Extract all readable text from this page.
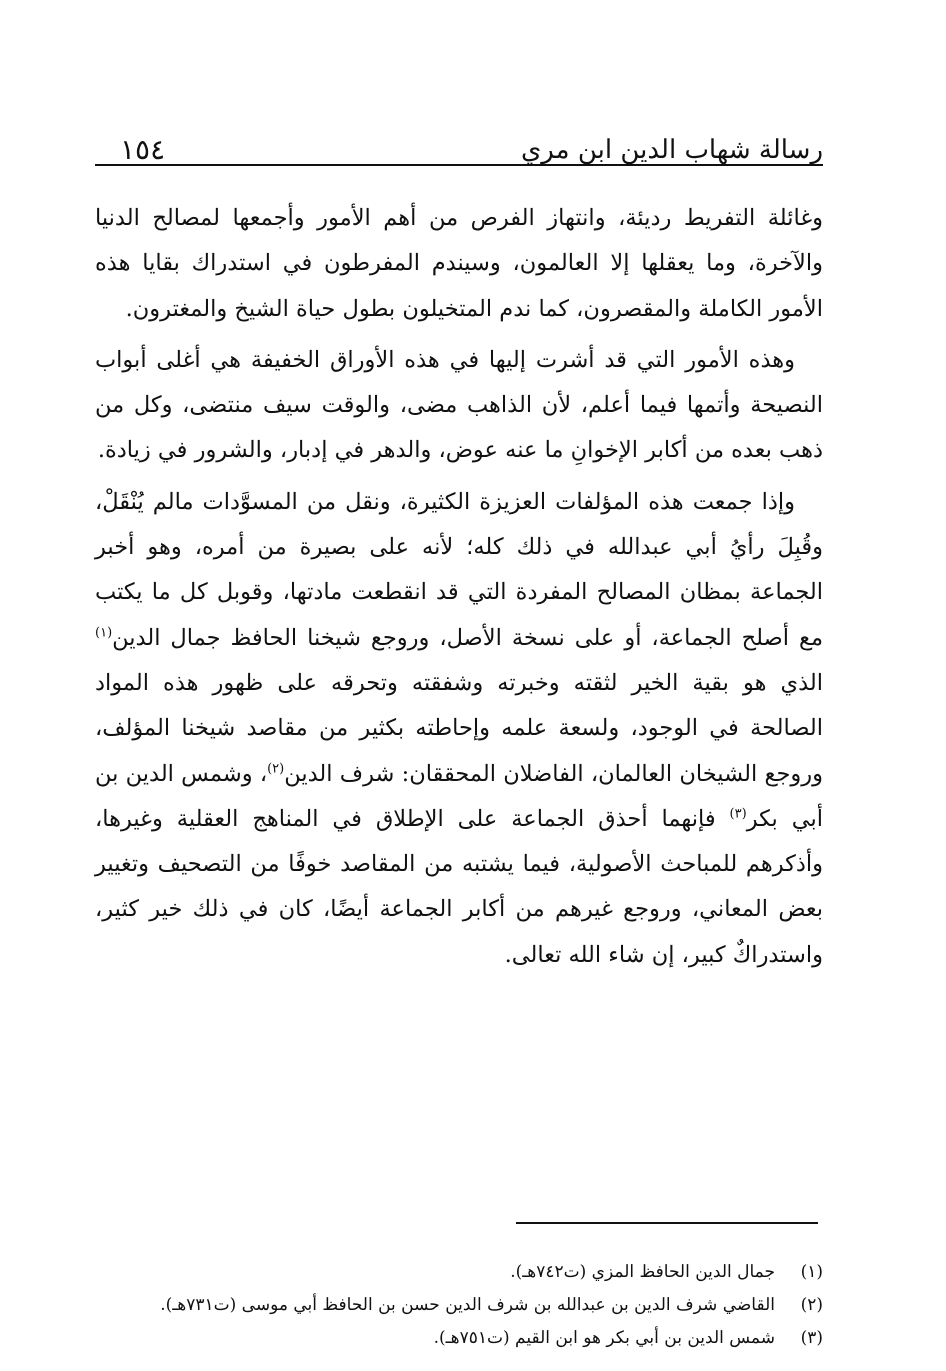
رسالة شهاب الدين ابن مري
١٥٤

وغائلة التفريط رديئة، وانتهاز الفرص من أهم الأمور وأجمعها لمصالح الدنيا والآخرة، وما يعقلها إلا العالمون، وسيندم المفرطون في استدراك بقايا هذه الأمور الكاملة والمقصرون، كما ندم المتخيلون بطول حياة الشيخ والمغترون.

وهذه الأمور التي قد أشرت إليها في هذه الأوراق الخفيفة هي أغلى أبواب النصيحة وأتمها فيما أعلم، لأن الذاهب مضى، والوقت سيف منتضى، وكل من ذهب بعده من أكابر الإخوانِ ما عنه عوض، والدهر في إدبار، والشرور في زيادة.

وإذا جمعت هذه المؤلفات العزيزة الكثيرة، ونقل من المسوَّدات مالم يُنْقَلْ، وقُبِلَ رأيُ أبي عبدالله في ذلك كله؛ لأنه على بصيرة من أمره، وهو أخبر الجماعة بمظان المصالح المفردة التي قد انقطعت مادتها، وقوبل كل ما يكتب مع أصلح الجماعة، أو على نسخة الأصل، وروجع شيخنا الحافظ جمال الدين$^{(١)}$ الذي هو بقية الخير لثقته وخبرته وشفقته وتحرقه على ظهور هذه المواد الصالحة في الوجود، ولسعة علمه وإحاطته بكثير من مقاصد شيخنا المؤلف، وروجع الشيخان العالمان، الفاضلان المحققان: شرف الدين$^{(٢)}$، وشمس الدين بن أبي بكر$^{(٣)}$ فإنهما أحذق الجماعة على الإطلاق في المناهج العقلية وغيرها، وأذكرهم للمباحث الأصولية، فيما يشتبه من المقاصد خوفًا من التصحيف وتغيير بعض المعاني، وروجع غيرهم من أكابر الجماعة أيضًا، كان في ذلك خير كثير، واستدراكٌ كبير، إن شاء الله تعالى.

(١)
جمال الدين الحافظ المزي (ت٧٤٢هـ).
(٢)
القاضي شرف الدين بن عبدالله بن شرف الدين حسن بن الحافظ أبي موسى (ت٧٣١هـ).
(٣)
شمس الدين بن أبي بكر هو ابن القيم (ت٧٥١هـ).
